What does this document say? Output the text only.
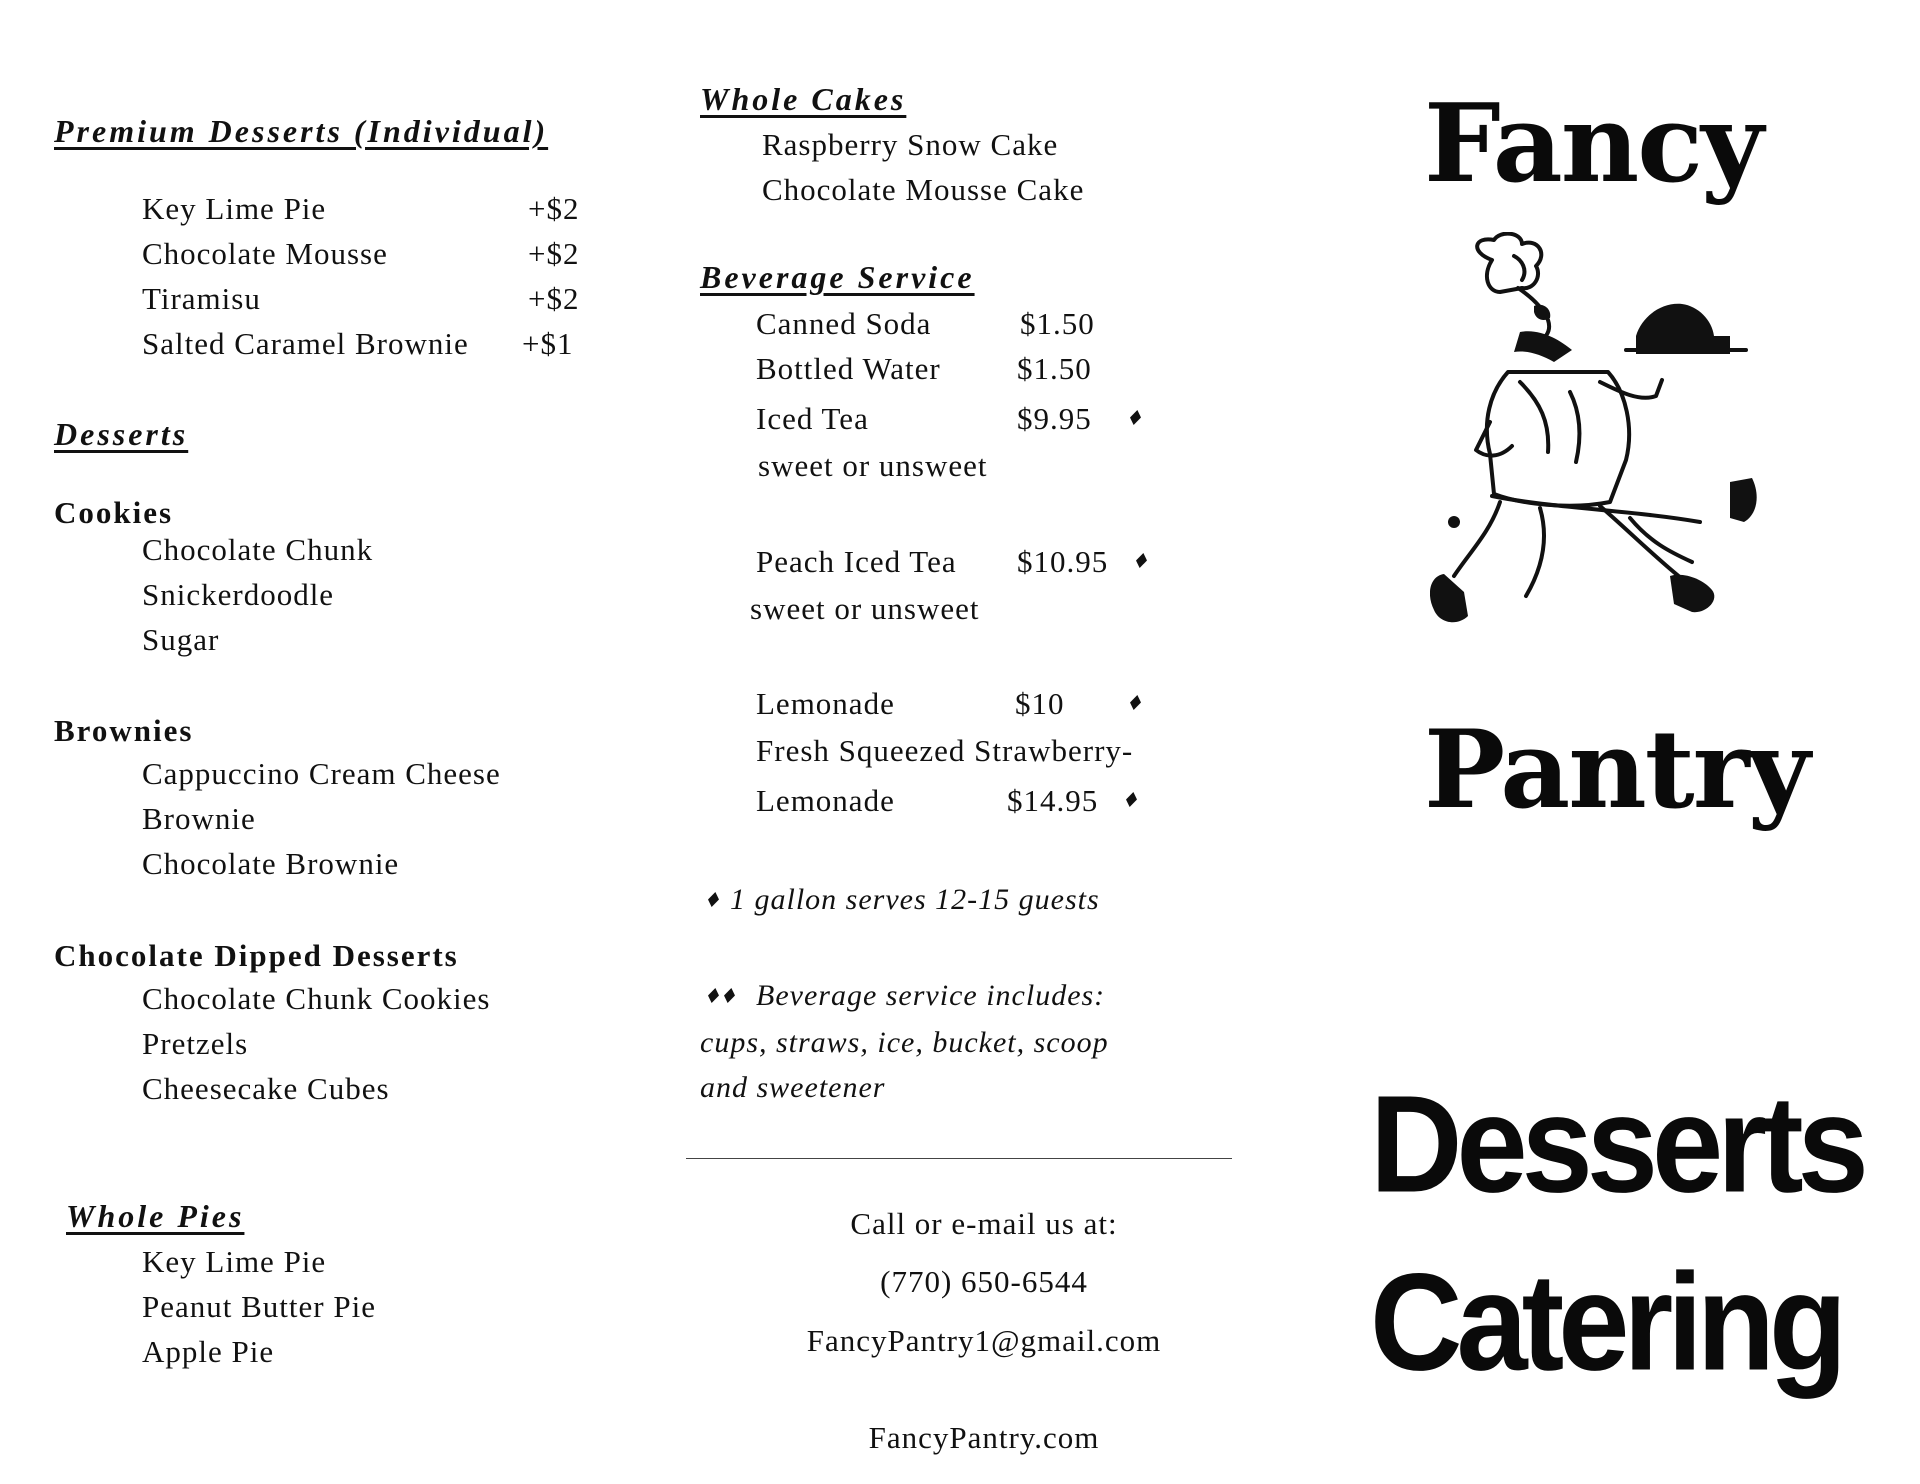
Premium Desserts (Individual)
Key Lime Pie	+$2
Chocolate Mousse	+$2
Tiramisu	+$2
Salted Caramel Brownie +$1
Desserts
Cookies
Chocolate Chunk
Snickerdoodle
Sugar
Brownies
Cappuccino Cream Cheese
Brownie
Chocolate Brownie
Chocolate Dipped Desserts
Chocolate Chunk Cookies
Pretzels
Cheesecake Cubes
Whole Pies
Key Lime Pie
Peanut Butter Pie
Apple Pie
Whole Cakes
Raspberry Snow Cake
Chocolate Mousse Cake
Beverage Service
Canned Soda	$1.50
Bottled Water $1.50
Iced Tea	$9.95
sweet or unsweet
Peach Iced Tea $10.95
sweet or unsweet
Lemonade	$10
Fresh Squeezed Strawberry-
Lemonade	$14.95
1 gallon serves 12-15 guests
Beverage service includes:
cups, straws, ice, bucket, scoop
and sweetener
Call or e-mail us at:
(770) 650-6544
FancyPantry1@gmail.com
FancyPantry.com
Fancy
Pantry
Desserts
Catering
